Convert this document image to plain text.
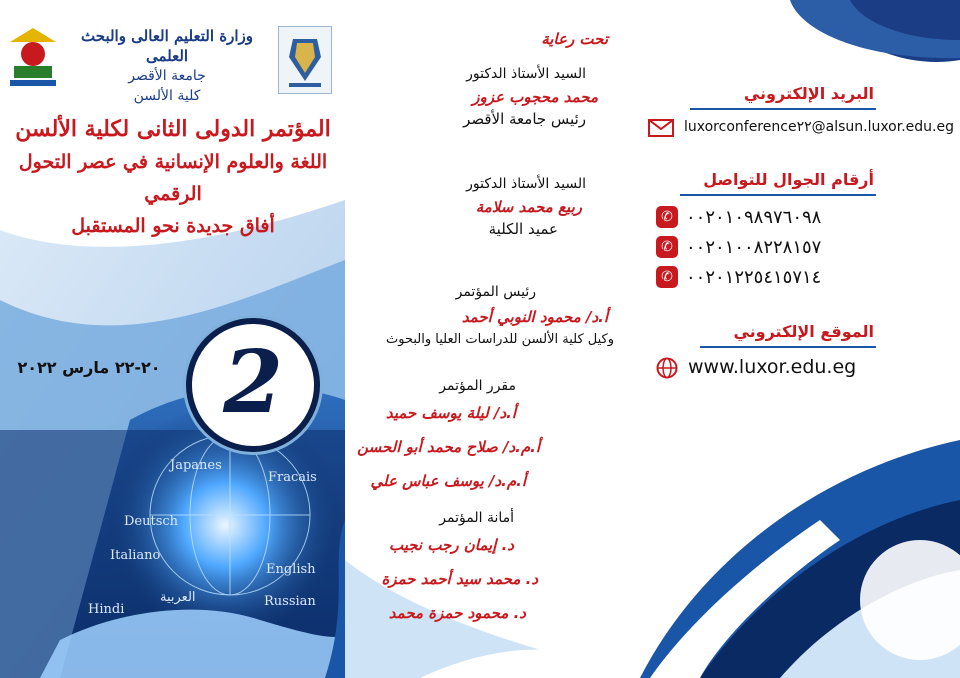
وزارة التعليم العالى والبحث العلمى
جامعة الأقصر
كلية الألسن
المؤتمر الدولى الثانى لكلية الألسن
اللغة والعلوم الإنسانية في عصر التحول الرقمي
أفاق جديدة نحو المستقبل
٢٠-٢٢ مارس ٢٠٢٢ 2
Japanes
Fracais
Deutsch
Italiano
English
العربية
Hindi
Russian
تحت رعاية
السيد الأستاذ الدكتور
محمد محجوب عزوز
رئيس جامعة الأقصر
السيد الأستاذ الدكتور
ربيع محمد سلامة
عميد الكلية
رئيس المؤتمر
أ.د/ محمود النوبي أحمد
وكيل كلية الألسن للدراسات العليا والبحوث
مقرر المؤتمر
أ.د/ ليلة يوسف حميد
أ.م.د/ صلاح محمد أبو الحسن
أ.م.د/ يوسف عباس علي
أمانة المؤتمر
د. إيمان رجب نجيب
د. محمد سيد أحمد حمزة
د. محمود حمزة محمد
البريد الإلكتروني
luxorconference٢٢@alsun.luxor.edu.eg
أرقام الجوال للتواصل
✆ ٠٠٢٠١٠٩٨٩٧٦٠٩٨
✆ ٠٠٢٠١٠٠٨٢٢٨١٥٧
✆ ٠٠٢٠١٢٢٥٤١٥٧١٤
الموقع الإلكتروني
www.luxor.edu.eg
